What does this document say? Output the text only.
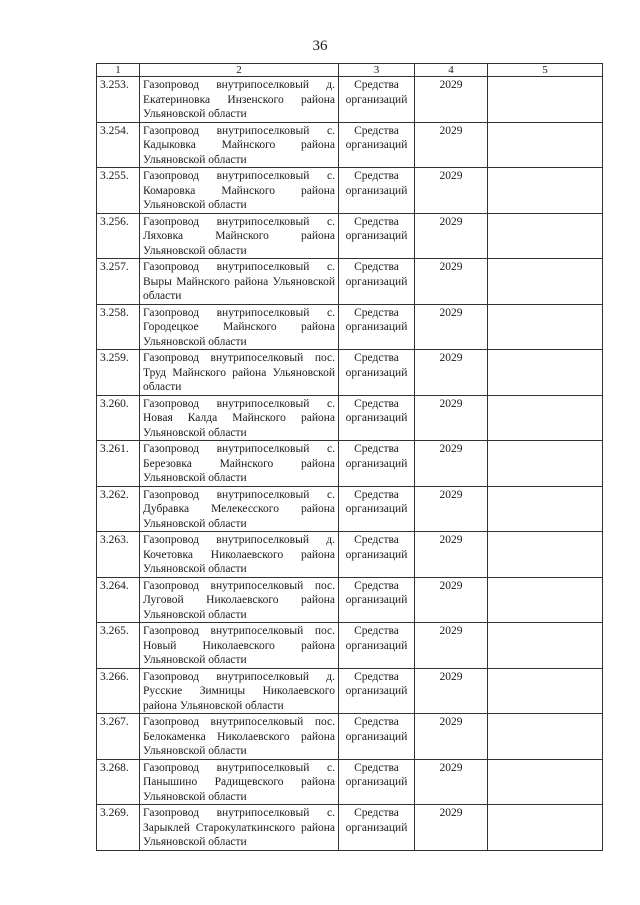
36
1	2	3	4	5
3.253.	Газопровод внутрипоселковый д. Екатериновка Инзенского района Ульяновской области	Средства организаций	2029	
3.254.	Газопровод внутрипоселковый с. Кадыковка Майнского района Ульяновской области	Средства организаций	2029	
3.255.	Газопровод внутрипоселковый с. Комаровка Майнского района Ульяновской области	Средства организаций	2029	
3.256.	Газопровод внутрипоселковый с. Ляховка Майнского района Ульяновской области	Средства организаций	2029	
3.257.	Газопровод внутрипоселковый с. Выры Майнского района Ульяновской области	Средства организаций	2029	
3.258.	Газопровод внутрипоселковый с. Городецкое Майнского района Ульяновской области	Средства организаций	2029	
3.259.	Газопровод внутрипоселковый пос. Труд Майнского района Ульяновской области	Средства организаций	2029	
3.260.	Газопровод внутрипоселковый с. Новая Калда Майнского района Ульяновской области	Средства организаций	2029	
3.261.	Газопровод внутрипоселковый с. Березовка Майнского района Ульяновской области	Средства организаций	2029	
3.262.	Газопровод внутрипоселковый с. Дубравка Мелекесского района Ульяновской области	Средства организаций	2029	
3.263.	Газопровод внутрипоселковый д. Кочетовка Николаевского района Ульяновской области	Средства организаций	2029	
3.264.	Газопровод внутрипоселковый пос. Луговой Николаевского района Ульяновской области	Средства организаций	2029	
3.265.	Газопровод внутрипоселковый пос. Новый Николаевского района Ульяновской области	Средства организаций	2029	
3.266.	Газопровод внутрипоселковый д. Русские Зимницы Николаевского района Ульяновской области	Средства организаций	2029	
3.267.	Газопровод внутрипоселковый пос. Белокаменка Николаевского района Ульяновской области	Средства организаций	2029	
3.268.	Газопровод внутрипоселковый с. Панышино Радищевского района Ульяновской области	Средства организаций	2029	
3.269.	Газопровод внутрипоселковый с. Зарыклей Старокулаткинского района Ульяновской области	Средства организаций	2029	
